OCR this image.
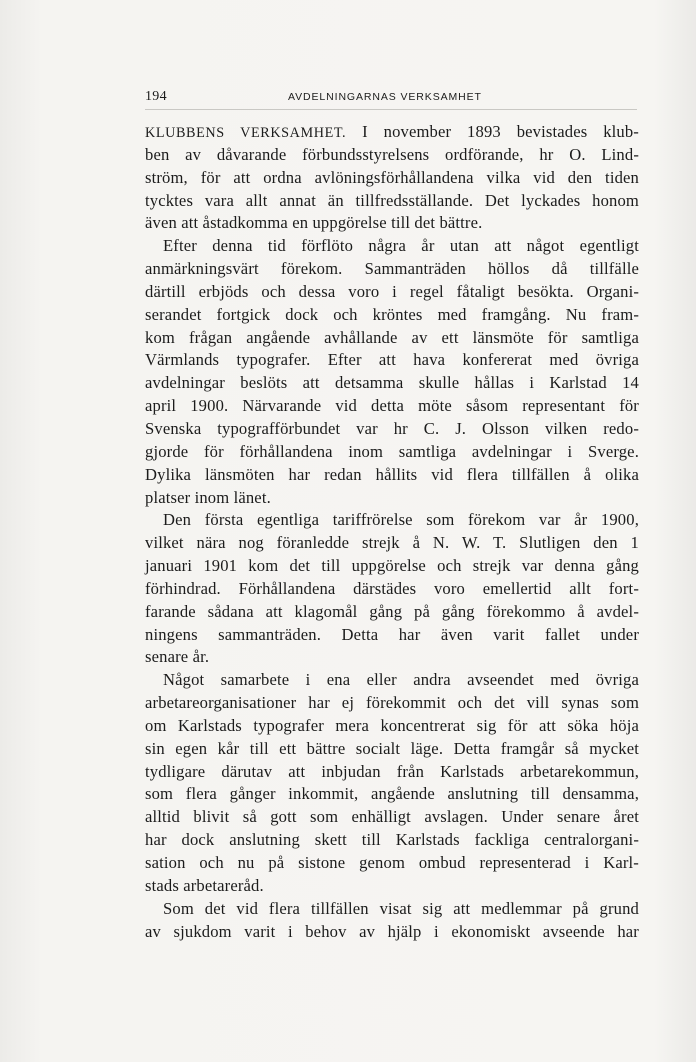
194	AVDELNINGARNAS VERKSAMHET
KLUBBENS VERKSAMHET. I november 1893 bevistades klub-
ben av dåvarande förbundsstyrelsens ordförande, hr O. Lind-
ström, för att ordna avlöningsförhållandena vilka vid den tiden
tycktes vara allt annat än tillfredsställande. Det lyckades honom
även att åstadkomma en uppgörelse till det bättre.
Efter denna tid förflöto några år utan att något egentligt
anmärkningsvärt förekom. Sammanträden höllos då tillfälle
därtill erbjöds och dessa voro i regel fåtaligt besökta. Organi-
serandet fortgick dock och kröntes med framgång. Nu fram-
kom frågan angående avhållande av ett länsmöte för samtliga
Värmlands typografer. Efter att hava konfererat med övriga
avdelningar beslöts att detsamma skulle hållas i Karlstad 14
april 1900. Närvarande vid detta möte såsom representant för
Svenska typografförbundet var hr C. J. Olsson vilken redo-
gjorde för förhållandena inom samtliga avdelningar i Sverge.
Dylika länsmöten har redan hållits vid flera tillfällen å olika
platser inom länet.
Den första egentliga tariffrörelse som förekom var år 1900,
vilket nära nog föranledde strejk å N. W. T. Slutligen den 1
januari 1901 kom det till uppgörelse och strejk var denna gång
förhindrad. Förhållandena därstädes voro emellertid allt fort-
farande sådana att klagomål gång på gång förekommo å avdel-
ningens sammanträden. Detta har även varit fallet under
senare år.
Något samarbete i ena eller andra avseendet med övriga
arbetareorganisationer har ej förekommit och det vill synas som
om Karlstads typografer mera koncentrerat sig för att söka höja
sin egen kår till ett bättre socialt läge. Detta framgår så mycket
tydligare därutav att inbjudan från Karlstads arbetarekommun,
som flera gånger inkommit, angående anslutning till densamma,
alltid blivit så gott som enhälligt avslagen. Under senare året
har dock anslutning skett till Karlstads fackliga centralorgani-
sation och nu på sistone genom ombud representerad i Karl-
stads arbetareråd.
Som det vid flera tillfällen visat sig att medlemmar på grund
av sjukdom varit i behov av hjälp i ekonomiskt avseende har
